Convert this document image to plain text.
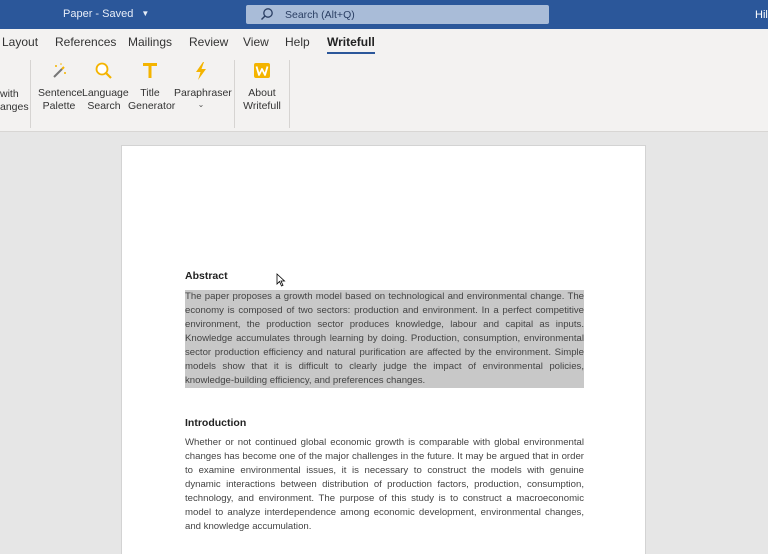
Paper - Saved ▼	Search (Alt+Q)	Hil
Layout References Mailings Review View Help Writefull
with
anges
Sentence
Palette
Language
Search
Title
Generator
Paraphraser
⌄
About
Writefull
Abstract
The paper proposes a growth model based on technological and environmental change. The economy is composed of two sectors: production and environment. In a perfect competitive environment, the production sector produces knowledge, labour and capital as inputs. Knowledge accumulates through learning by doing. Production, consumption, environmental sector production efficiency and natural purification are affected by the environment. Simple models show that it is difficult to clearly judge the impact of environmental policies, knowledge-building efficiency, and preferences changes.
Introduction
Whether or not continued global economic growth is comparable with global environmental changes has become one of the major challenges in the future. It may be argued that in order to examine environmental issues, it is necessary to construct the models with genuine dynamic interactions between distribution of production factors, production, consumption, technology, and environment. The purpose of this study is to construct a macroeconomic model to analyze interdependence among economic development, environmental changes, and knowledge accumulation.
